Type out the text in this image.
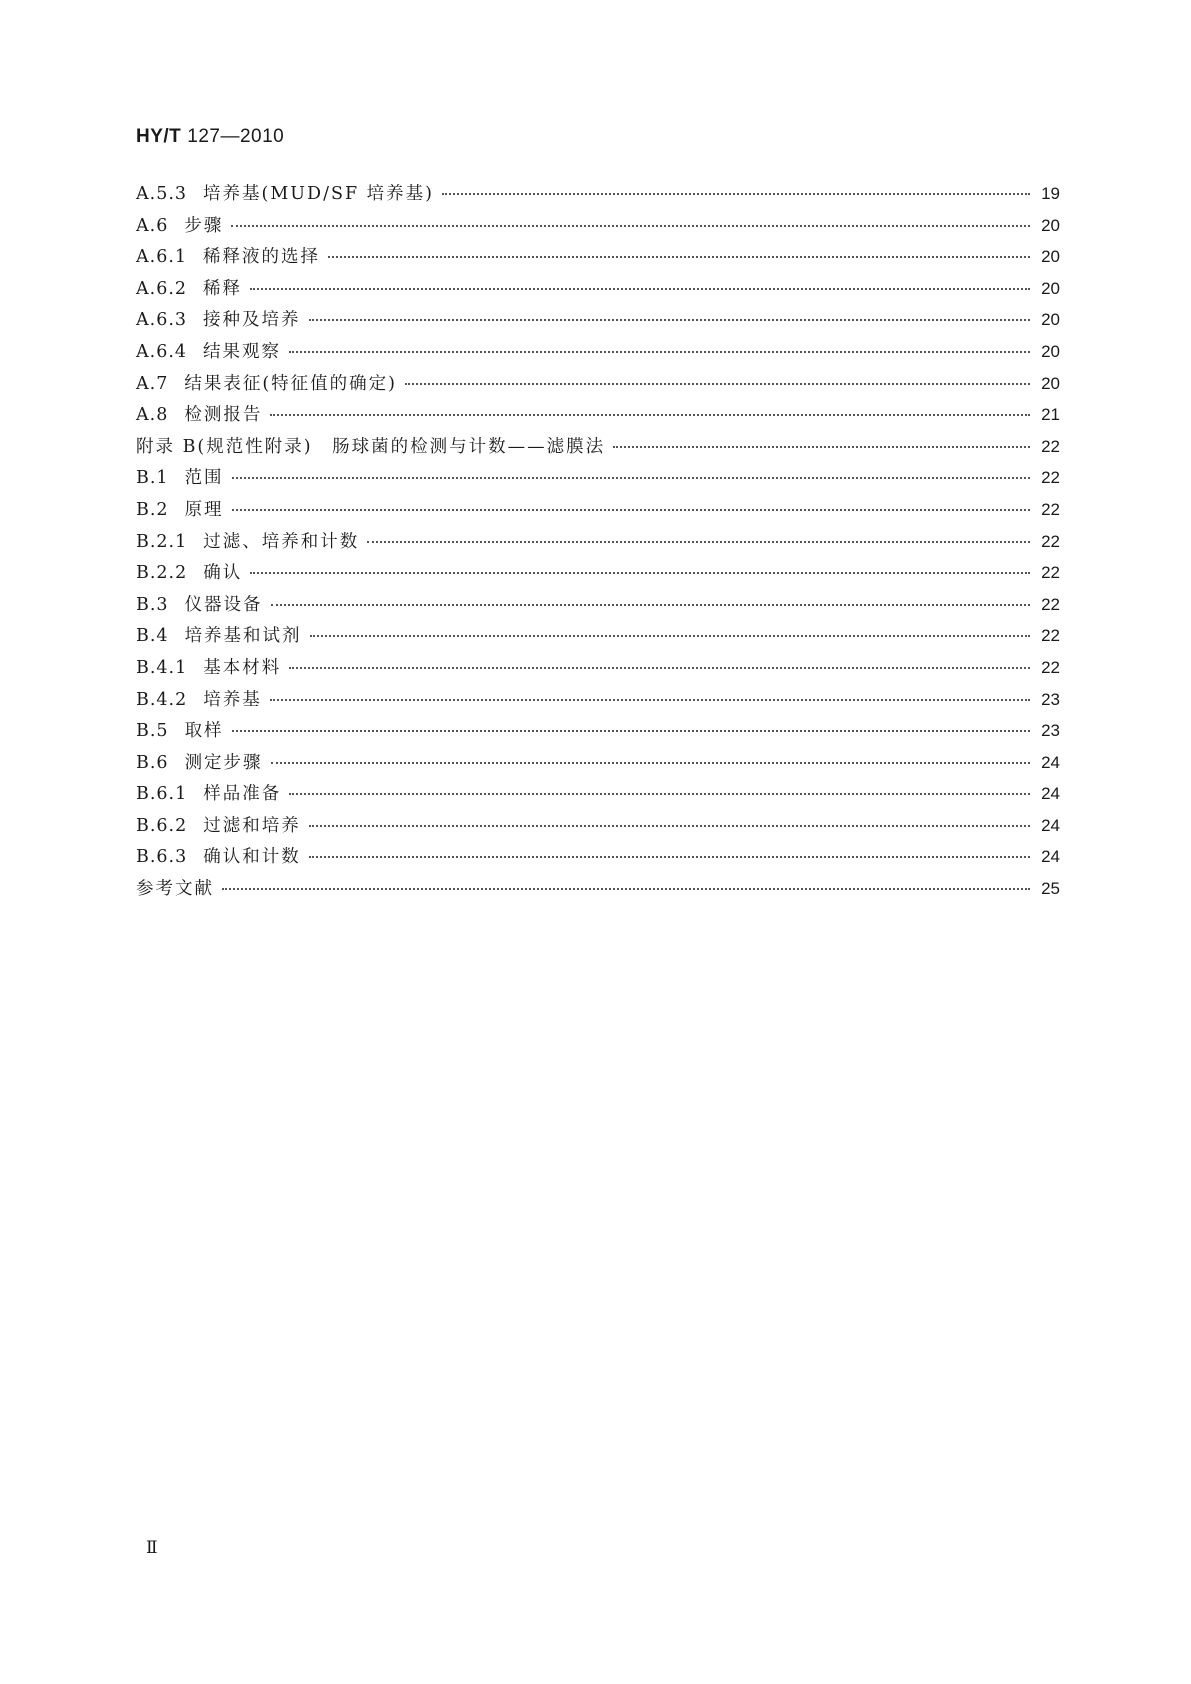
HY/T 127—2010
A.5.3 培养基(MUD/SF 培养基)	19
A.6 步骤	20
A.6.1 稀释液的选择	20
A.6.2 稀释	20
A.6.3 接种及培养	20
A.6.4 结果观察	20
A.7 结果表征(特征值的确定)	20
A.8 检测报告	21
附录 B(规范性附录)　肠球菌的检测与计数——滤膜法	22
B.1 范围	22
B.2 原理	22
B.2.1 过滤、培养和计数	22
B.2.2 确认	22
B.3 仪器设备	22
B.4 培养基和试剂	22
B.4.1 基本材料	22
B.4.2 培养基	23
B.5 取样	23
B.6 测定步骤	24
B.6.1 样品准备	24
B.6.2 过滤和培养	24
B.6.3 确认和计数	24
参考文献	25
Ⅱ
